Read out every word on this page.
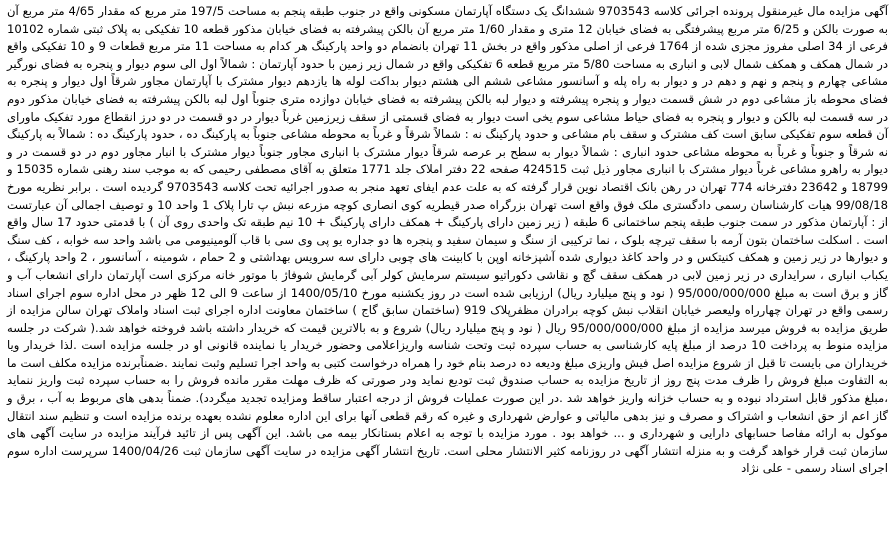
آگهی مزایده مال غیرمنقول پرونده اجرائی کلاسه 9703543 ششدانگ یک دستگاه آپارتمان مسکونی واقع در جنوب طبقه پنجم به مساحت 197/5 متر مربع که مقدار 4/65 متر مربع آن به صورت بالکن و 6/25 متر مربع پیشرفتگی به فضای خیابان 12 متری و مقدار 1/60 متر مربع آن بالکن پیشرفته به فضای خیابان مذکور قطعه 10 تفکیکی به پلاک ثبتی شماره 10102 فرعی از 34 اصلی مفروز مجزی شده از 1764 فرعی از اصلی مذکور واقع در بخش 11 تهران بانضمام دو واحد پارکینگ هر کدام به مساحت 11 متر مربع قطعات 9 و 10 تفکیکی واقع در شمال همکف و همکف شمال لابی و انباری به مساحت 5/80 متر مربع قطعه 6 تفکیکی واقع در شمال زیر زمین با حدود آپارتمان : شمالاً اول الی سوم دیوار و پنجره به فضای نورگیر مشاعی چهارم و پنجم و نهم و دهم در و دیوار به راه پله و آسانسور مشاعی ششم الی هشتم دیوار بداکت لوله ها یازدهم دیوار مشترک با آپارتمان مجاور شرقاً اول دیوار و پنجره به فضای محوطه باز مشاعی دوم در شش قسمت دیوار و پنجره پیشرفته و دیوار لبه بالکن پیشرفته به فضای خیابان دوازده متری جنوباً اول لبه بالکن پیشرفته به فضای خیابان مذکور دوم در سه قسمت لبه بالکن و دیوار و پنجره به فضای حیاط مشاعی سوم یخی است دیوار به فضای قسمتی از سقف زیرزمین غرباً دیوار در دو قسمت در دو درز انقطاع مورد تفکیک ماورای آن قطعه سوم تفکیکی سابق است کف مشترک و سقف بام مشاعی و حدود پارکینگ نه : شمالاً شرقاً و غرباً به محوطه مشاعی جنوباً به پارکینگ ده ، حدود پارکینگ ده : شمالاً به پارکینگ نه شرقاً و جنوباً و غرباً به محوطه مشاعی حدود انباری : شمالاً دیوار به سطح بر عرصه شرقاً دیوار مشترک با انباری مجاور جنوباً دیوار مشترک با انبار مجاور دوم در دو قسمت در و دیوار به راهرو مشاعی غرباً دیوار مشترک با انباری مجاور ذیل ثبت 424515 صفحه 22 دفتر املاک جلد 1771 متعلق به آقای مصطفی رحیمی که به موجب سند رهنی شماره 15035 و 18799 و 23642 دفترخانه 774 تهران در رهن بانک اقتصاد نوین قرار گرفته که به علت عدم ایفای تعهد منجر به صدور اجرائیه تحت کلاسه 9703543 گردیده است . برابر نظریه مورخ 99/08/18 هیات کارشناسان رسمی دادگستری ملک فوق واقع است تهران بزرگراه صدر قیطریه کوی انصاری کوچه مزرعه نبش پ تارا پلاک 1 واحد 10 و توصیف اجمالی آن عبارتست از : آپارتمان مذکور در سمت جنوب طبقه پنجم ساختمانی 6 طبقه ( زیر زمین دارای پارکینگ + همکف دارای پارکینگ + 10 نیم طبقه تک واحدی روی آن ) با قدمتی حدود 17 سال واقع است . اسکلت ساختمان بتون آرمه با سقف تیرچه بلوک ، نما ترکیبی از سنگ و سیمان سفید و پنجره ها دو جداره یو پی وی سی با قاب آلومینیومی می باشد واحد سه خوابه ، کف سنگ و دیوارها در زیر زمین و همکف کنیتکس و در واحد کاغذ دیواری شده آشپزخانه اوپن با کابینت های چوبی دارای سه سرویس بهداشتی و 2 حمام ، شومینه ، آسانسور ، 2 واحد پارکینگ ، یکباب انباری ، سرایداری در زیر زمین لابی در همکف سقف گچ و نقاشی دکوراتیو سیستم سرمایش کولر آبی گرمایش شوفاژ با موتور خانه مرکزی است آپارتمان دارای انشعاب آب و گاز و برق است به مبلغ 95/000/000/000 ( نود و پنج میلیارد ریال) ارزیابی شده است در روز یکشنبه مورخ 1400/05/10 از ساعت 9 الی 12 ظهر در محل اداره سوم اجرای اسناد رسمی واقع در تهران چهارراه ولیعصر خیابان انقلاب نبش کوچه برادران مظفرپلاک 919 (ساختمان سابق گاج ) ساختمان معاونت اداره اجرای ثبت اسناد واملاک تهران سالن مزایده از طریق مزایده به فروش میرسد مزایده از مبلغ 95/000/000/000 ریال ( نود و پنج میلیارد ریال) شروع و به بالاترین قیمت که خریدار داشته باشد فروخته خواهد شد.( شرکت در جلسه مزایده منوط به پرداخت 10 درصد از مبلغ پایه کارشناسی به حساب سپرده ثبت وتحت شناسه واریزاعلامی وحضور خریدار یا نماینده قانونی او در جلسه مزایده است .لذا خریدار ویا خریداران می بایست تا قبل از شروع مزایده اصل فیش واریزی مبلغ ودیعه ده درصد بنام خود را همراه درخواست کتبی به واحد اجرا تسلیم وثبت نمایند .ضمناًبرنده مزایده مکلف است ما به التفاوت مبلغ فروش را ظرف مدت پنج روز از تاریخ مزایده به حساب صندوق ثبت تودیع نماید ودر صورتی که ظرف مهلت مقرر مانده فروش را به حساب سپرده ثبت واریز ننماید ،مبلغ مذکور قابل استرداد نبوده و به حساب خزانه واریز خواهد شد .در این صورت عملیات فروش از درجه اعتبار ساقط ومزایده تجدید میگردد). ضمناً بدهی های مربوط به آب ، برق و گاز اعم از حق انشعاب و اشتراک و مصرف و نیز بدهی مالیاتی و عوارض شهرداری و غیره که رقم قطعی آنها برای این اداره معلوم نشده بعهده برنده مزایده است و تنظیم سند انتقال موکول به ارائه مفاصا حسابهای دارایی و شهرداری و ... خواهد بود . مورد مزایده با توجه به اعلام بستانکار بیمه می باشد. این آگهی پس از تائید فرآیند مزایده در سایت آگهی های سازمان ثبت قرار خواهد گرفت و به منزله انتشار آگهی در روزنامه کثیر الانتشار محلی است. تاریخ انتشار آگهی مزایده در سایت آگهی سازمان ثبت 1400/04/26 سرپرست اداره سوم اجرای اسناد رسمی - علی نژاد
